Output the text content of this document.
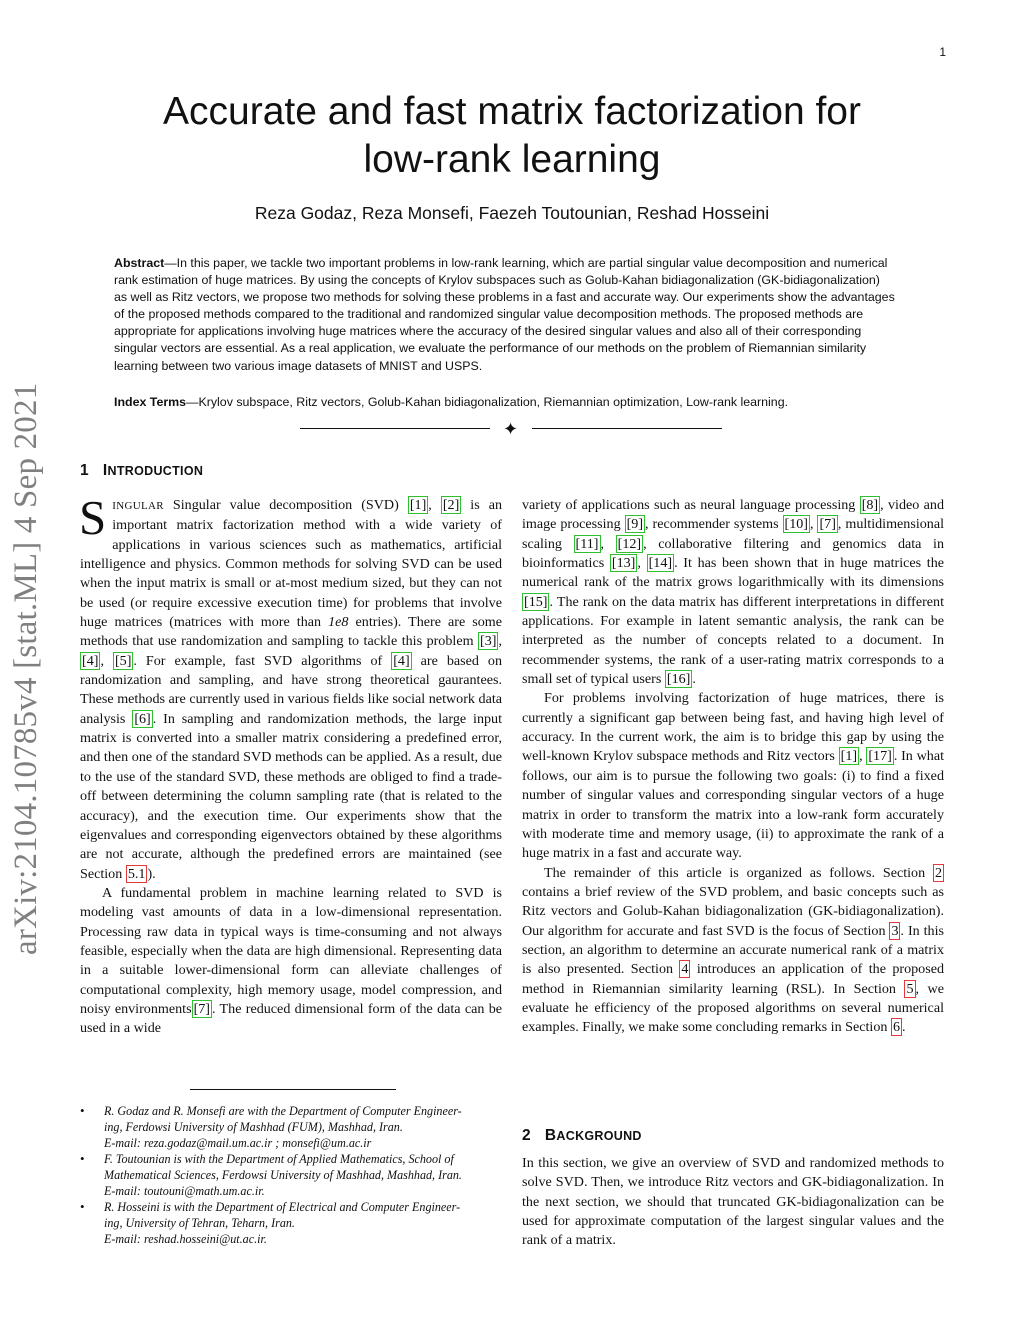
1
arXiv:2104.10785v4 [stat.ML] 4 Sep 2021
Accurate and fast matrix factorization for
low-rank learning
Reza Godaz, Reza Monsefi, Faezeh Toutounian, Reshad Hosseini
Abstract—In this paper, we tackle two important problems in low-rank learning, which are partial singular value decomposition and numerical rank estimation of huge matrices. By using the concepts of Krylov subspaces such as Golub-Kahan bidiagonalization (GK-bidiagonalization) as well as Ritz vectors, we propose two methods for solving these problems in a fast and accurate way. Our experiments show the advantages of the proposed methods compared to the traditional and randomized singular value decomposition methods. The proposed methods are appropriate for applications involving huge matrices where the accuracy of the desired singular values and also all of their corresponding singular vectors are essential. As a real application, we evaluate the performance of our methods on the problem of Riemannian similarity learning between two various image datasets of MNIST and USPS.
Index Terms—Krylov subspace, Ritz vectors, Golub-Kahan bidiagonalization, Riemannian optimization, Low-rank learning.
✦
1 INTRODUCTION

SINGULAR Singular value decomposition (SVD) [1] , [2] is an important matrix factorization method with a wide variety of applications in various sciences such as mathematics, artificial intelligence and physics. Common methods for solving SVD can be used when the input matrix is small or at-most medium sized, but they can not be used (or require excessive execution time) for problems that involve huge matrices (matrices with more than 1e8 entries). There are some methods that use randomization and sampling to tackle this problem [3] , [4] , [5] . For example, fast SVD algorithms of [4] are based on randomization and sampling, and have strong theoretical gaurantees. These methods are currently used in various fields like social network data analysis [6] . In sampling and randomization methods, the large input matrix is converted into a smaller matrix considering a predefined error, and then one of the standard SVD methods can be applied. As a result, due to the use of the standard SVD, these methods are obliged to find a trade-off between determining the column sampling rate (that is related to the accuracy), and the execution time. Our experiments show that the eigenvalues and corresponding eigenvectors obtained by these algorithms are not accurate, although the predefined errors are maintained (see Section 5.1 ).

A fundamental problem in machine learning related to SVD is modeling vast amounts of data in a low-dimensional representation. Processing raw data in typical ways is time-consuming and not always feasible, especially when the data are high dimensional. Representing data in a suitable lower-dimensional form can alleviate challenges of computational complexity, high memory usage, model compression, and noisy environments [7] . The reduced dimensional form of the data can be used in a wide

variety of applications such as neural language processing [8] , video and image processing [9] , recommender systems [10] , [7] , multidimensional scaling [11] , [12] , collaborative filtering and genomics data in bioinformatics [13] , [14] . It has been shown that in huge matrices the numerical rank of the matrix grows logarithmically with its dimensions [15] . The rank on the data matrix has different interpretations in different applications. For example in latent semantic analysis, the rank can be interpreted as the number of concepts related to a document. In recommender systems, the rank of a user-rating matrix corresponds to a small set of typical users [16] .

For problems involving factorization of huge matrices, there is currently a significant gap between being fast, and having high level of accuracy. In the current work, the aim is to bridge this gap by using the well-known Krylov subspace methods and Ritz vectors [1] , [17] . In what follows, our aim is to pursue the following two goals: (i) to find a fixed number of singular values and corresponding singular vectors of a huge matrix in order to transform the matrix into a low-rank form accurately with moderate time and memory usage, (ii) to approximate the rank of a huge matrix in a fast and accurate way.

The remainder of this article is organized as follows. Section 2 contains a brief review of the SVD problem, and basic concepts such as Ritz vectors and Golub-Kahan bidiagonalization (GK-bidiagonalization). Our algorithm for accurate and fast SVD is the focus of Section 3 . In this section, an algorithm to determine an accurate numerical rank of a matrix is also presented. Section 4 introduces an application of the proposed method in Riemannian similarity learning (RSL). In Section 5 , we evaluate he efficiency of the proposed algorithms on several numerical examples. Finally, we make some concluding remarks in Section 6 .

2 BACKGROUND

In this section, we give an overview of SVD and randomized methods to solve SVD. Then, we introduce Ritz vectors and GK-bidiagonalization. In the next section, we should that truncated GK-bidiagonalization can be used for approximate computation of the largest singular values and the rank of a matrix.

• R. Godaz and R. Monsefi are with the Department of Computer Engineer-
ing, Ferdowsi University of Mashhad (FUM), Mashhad, Iran.
E-mail: reza.godaz@mail.um.ac.ir ; monsefi@um.ac.ir
• F. Toutounian is with the Department of Applied Mathematics, School of
Mathematical Sciences, Ferdowsi University of Mashhad, Mashhad, Iran.
E-mail: toutouni@math.um.ac.ir.
• R. Hosseini is with the Department of Electrical and Computer Engineer-
ing, University of Tehran, Teharn, Iran.
E-mail: reshad.hosseini@ut.ac.ir.
